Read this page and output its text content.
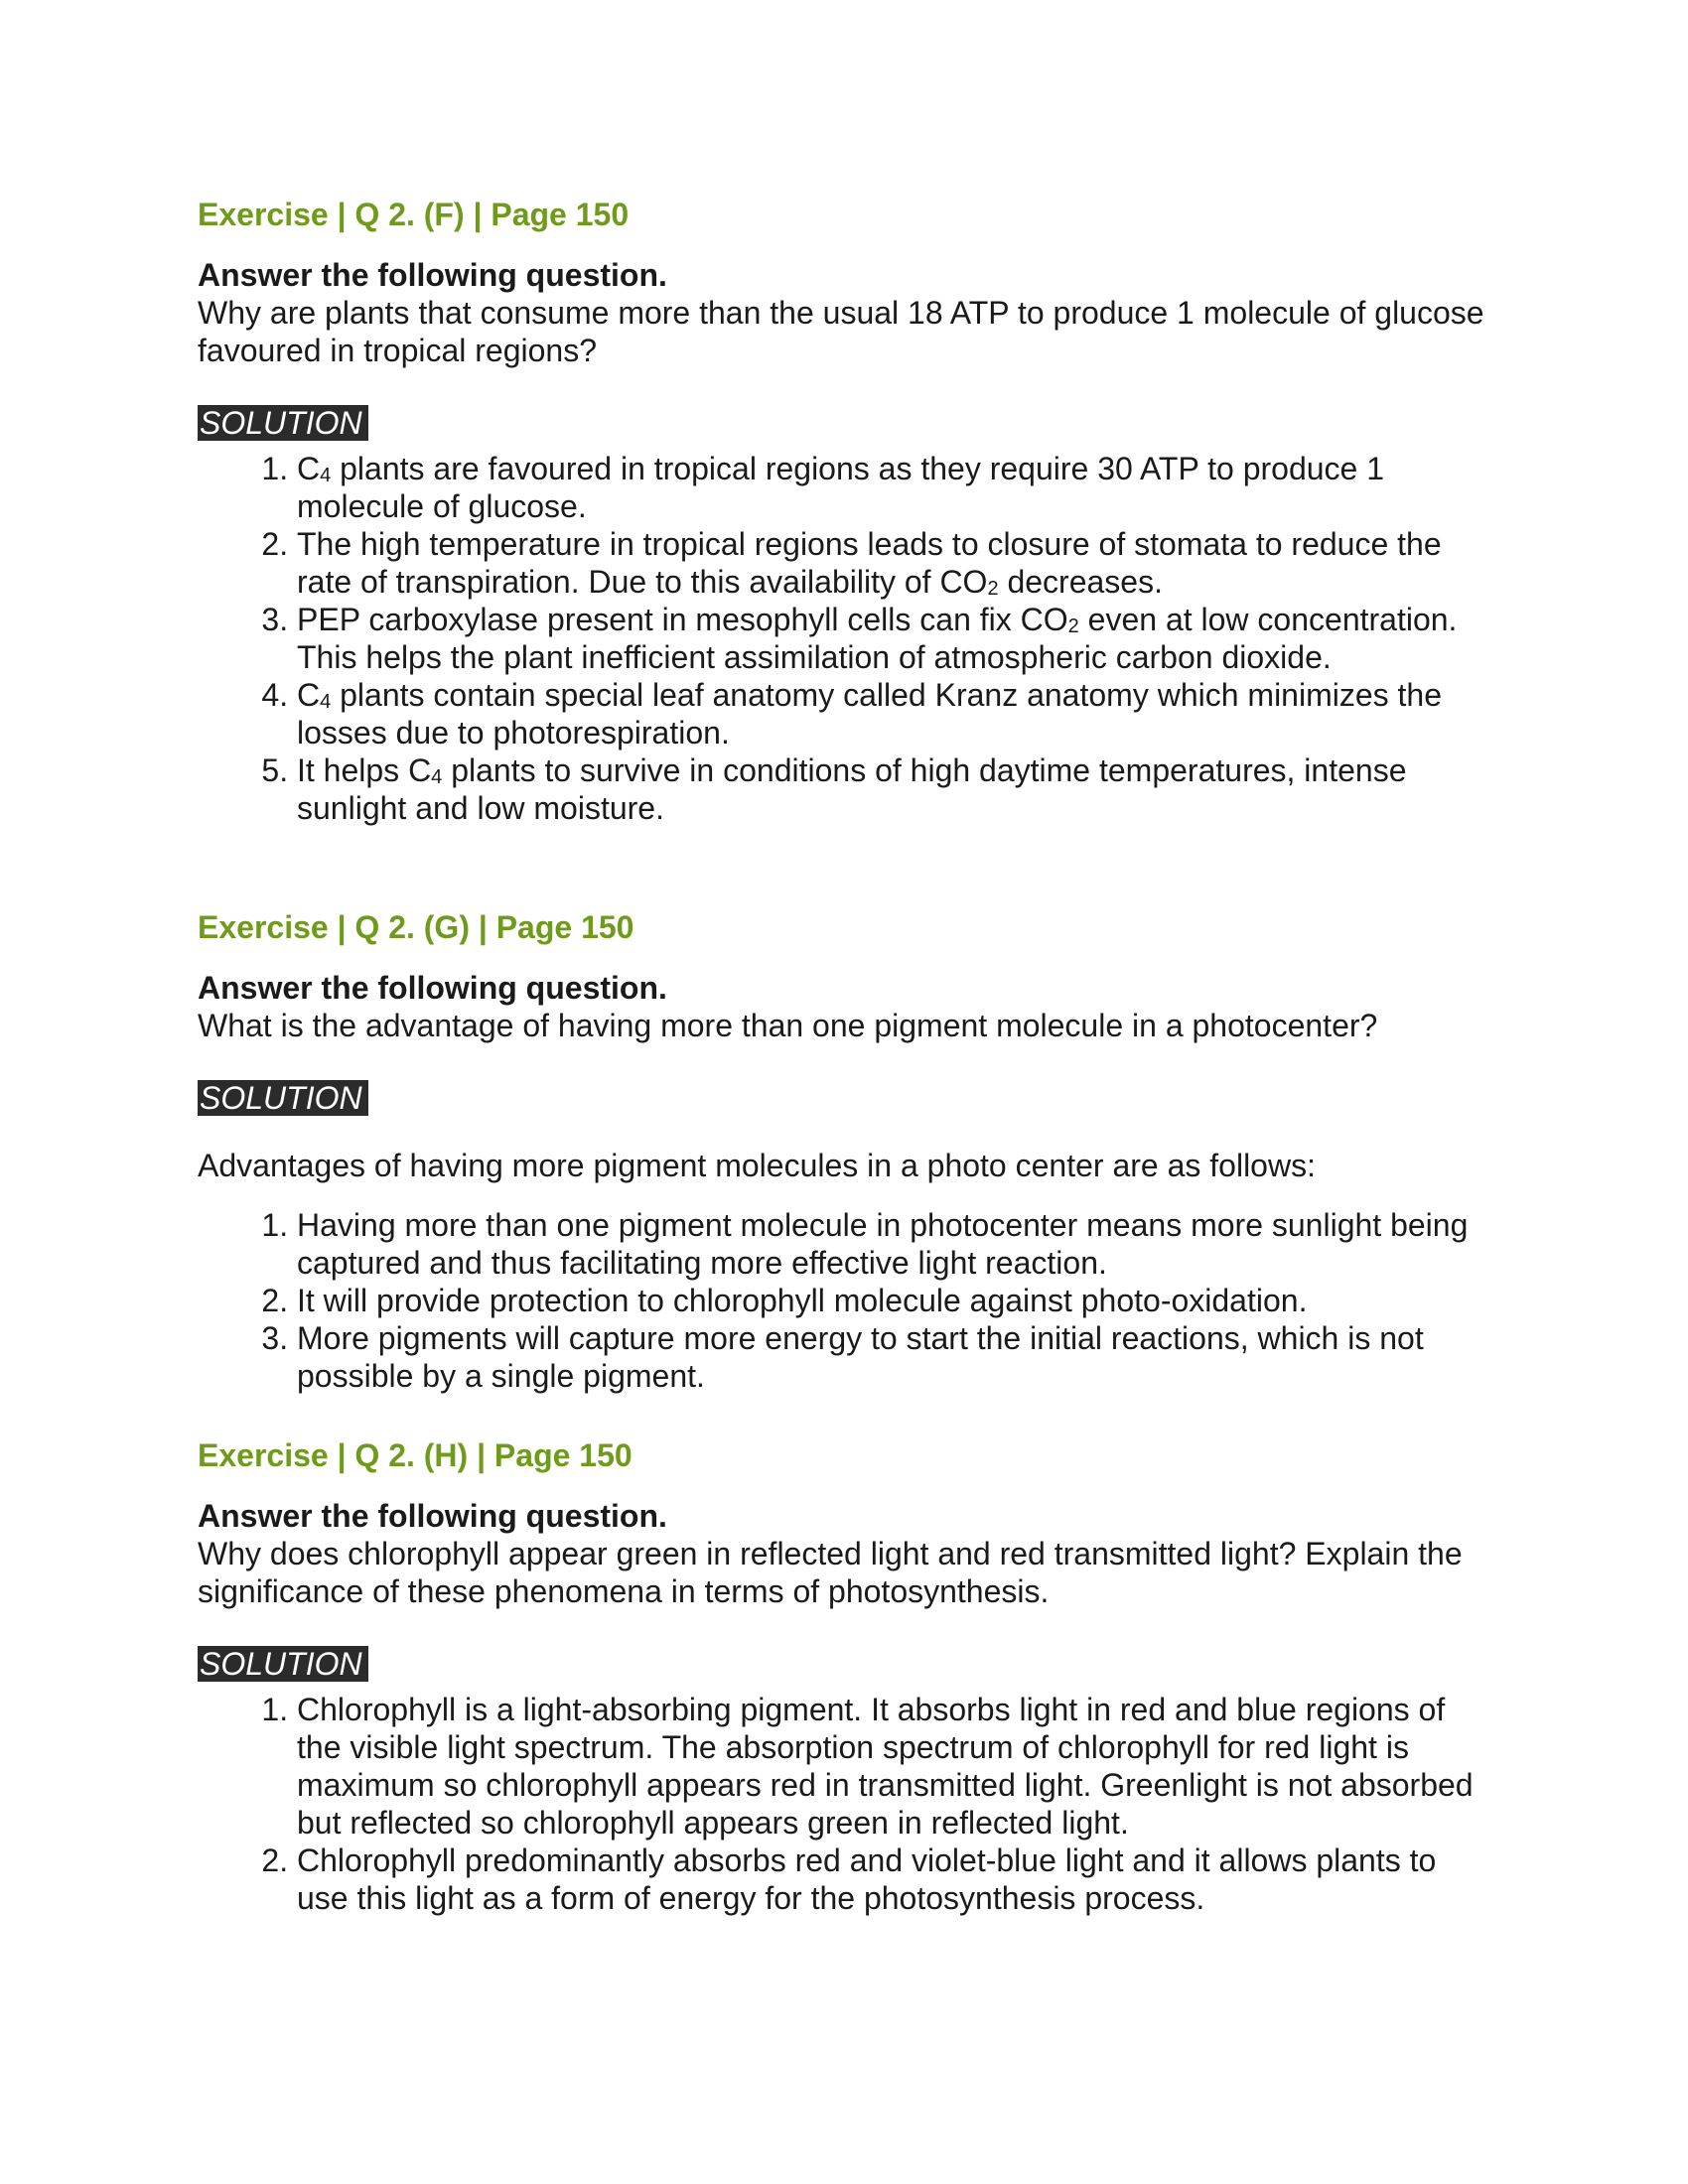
Exercise | Q 2. (F) | Page 150

Answer the following question.

Why are plants that consume more than the usual 18 ATP to produce 1 molecule of glucose favoured in tropical regions?

SOLUTION
1. $C_4$ plants are favoured in tropical regions as they require 30 ATP to produce 1 molecule of glucose.
2. The high temperature in tropical regions leads to closure of stomata to reduce the rate of transpiration. Due to this availability of $CO_2$ decreases.
3. PEP carboxylase present in mesophyll cells can fix $CO_2$ even at low concentration. This helps the plant inefficient assimilation of atmospheric carbon dioxide.
4. $C_4$ plants contain special leaf anatomy called Kranz anatomy which minimizes the losses due to photorespiration.
5. It helps $C_4$ plants to survive in conditions of high daytime temperatures, intense sunlight and low moisture.

Exercise | Q 2. (G) | Page 150

Answer the following question.

What is the advantage of having more than one pigment molecule in a photocenter?

SOLUTION

Advantages of having more pigment molecules in a photo center are as follows:

1. Having more than one pigment molecule in photocenter means more sunlight being captured and thus facilitating more effective light reaction.
2. It will provide protection to chlorophyll molecule against photo-oxidation.
3. More pigments will capture more energy to start the initial reactions, which is not possible by a single pigment.

Exercise | Q 2. (H) | Page 150

Answer the following question.

Why does chlorophyll appear green in reflected light and red transmitted light? Explain the significance of these phenomena in terms of photosynthesis.

SOLUTION
1. Chlorophyll is a light-absorbing pigment. It absorbs light in red and blue regions of the visible light spectrum. The absorption spectrum of chlorophyll for red light is maximum so chlorophyll appears red in transmitted light. Greenlight is not absorbed but reflected so chlorophyll appears green in reflected light.
2. Chlorophyll predominantly absorbs red and violet-blue light and it allows plants to use this light as a form of energy for the photosynthesis process.
